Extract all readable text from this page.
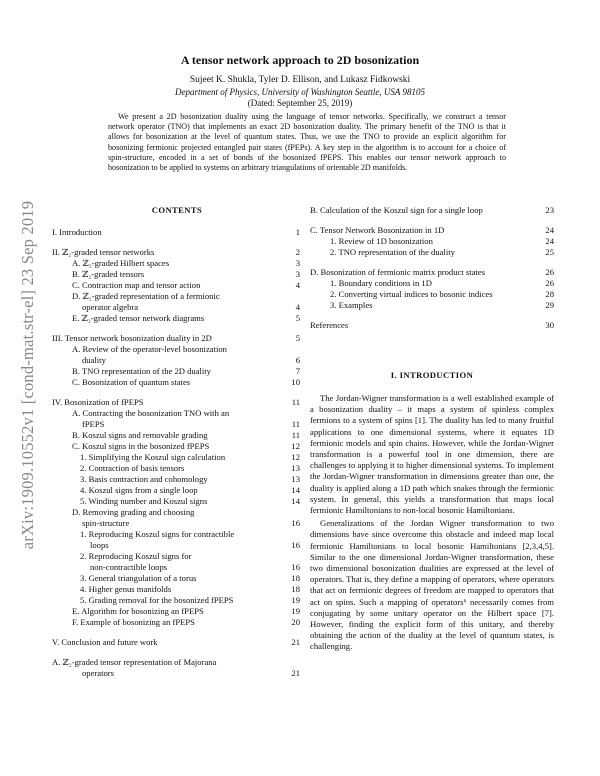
arXiv:1909.10552v1 [cond-mat.str-el] 23 Sep 2019
A tensor network approach to 2D bosonization
Sujeet K. Shukla, Tyler D. Ellison, and Lukasz Fidkowski
Department of Physics, University of Washington Seattle, USA 98105
(Dated: September 25, 2019)
We present a 2D bosonization duality using the language of tensor networks. Specifically, we construct a tensor network operator (TNO) that implements an exact 2D bosonization duality. The primary benefit of the TNO is that it allows for bosonization at the level of quantum states. Thus, we use the TNO to provide an explicit algorithm for bosonizing fermionic projected entangled pair states (fPEPs). A key step in the algorithm is to account for a choice of spin-structure, encoded in a set of bonds of the bosonized fPEPS. This enables our tensor network approach to bosonization to be applied to systems on arbitrary triangulations of orientable 2D manifolds.
CONTENTS
I. Introduction	1
II. ℤ₂-graded tensor networks	2
A. ℤ₂-graded Hilbert spaces	3
B. ℤ₂-graded tensors	3
C. Contraction map and tensor action	4
D. ℤ₂-graded representation of a fermionic
operator algebra	4
E. ℤ₂-graded tensor network diagrams	5
III. Tensor network bosonization duality in 2D	5
A. Review of the operator-level bosonization
duality	6
B. TNO representation of the 2D duality	7
C. Bosonization of quantum states	10
IV. Bosonization of fPEPS	11
A. Contracting the bosonization TNO with an
fPEPS	11
B. Koszul signs and removable grading	11
C. Koszul signs in the bosonized fPEPS	12
1. Simplifying the Koszul sign calculation	12
2. Contraction of basis tensors	13
3. Basis contraction and cohomology	13
4. Koszul signs from a single loop	14
5. Winding number and Koszul signs	14
D. Removing grading and choosing
spin-structure	16
1. Reproducing Koszul signs for contractible
loops	16
2. Reproducing Koszul signs for
non-contractible loops	16
3. General triangulation of a torus	18
4. Higher genus manifolds	18
5. Grading removal for the bosonized fPEPS	19
E. Algorithm for bosonizing an fPEPS	19
F. Example of bosonizing an fPEPS	20
V. Conclusion and future work	21
A. ℤ₂-graded tensor representation of Majorana
operators	21
B. Calculation of the Koszul sign for a single loop	23
C. Tensor Network Bosonization in 1D	24
1. Review of 1D bosonization	24
2. TNO representation of the duality	25
D. Bosonization of fermionic matrix product states	26
1. Boundary conditions in 1D	26
2. Converting virtual indices to bosonic indices	28
3. Examples	29
References	30
I. INTRODUCTION

The Jordan-Wigner transformation is a well established example of a bosonization duality – it maps a system of spinless complex fermions to a system of spins [1]. The duality has led to many fruitful applications to one dimensional systems, where it equates 1D fermionic models and spin chains. However, while the Jordan-Wigner transformation is a powerful tool in one dimension, there are challenges to applying it to higher dimensional systems. To implement the Jordan-Wigner transformation in dimensions greater than one, the duality is applied along a 1D path which snakes through the fermionic system. In general, this yields a transformation that maps local fermionic Hamiltonians to non-local bosonic Hamiltonians.

Generalizations of the Jordan Wigner transformation to two dimensions have since overcome this obstacle and indeed map local fermionic Hamiltonians to local bosonic Hamiltonians [2,3,4,5]. Similar to the one dimensional Jordan-Wigner transformation, these two dimensional bosonization dualities are expressed at the level of operators. That is, they define a mapping of operators, where operators that act on fermionic degrees of freedom are mapped to operators that act on spins. Such a mapping of operators⁶ necessarily comes from conjugating by some unitary operator on the Hilbert space [7]. However, finding the explicit form of this unitary, and thereby obtaining the action of the duality at the level of quantum states, is challenging.
